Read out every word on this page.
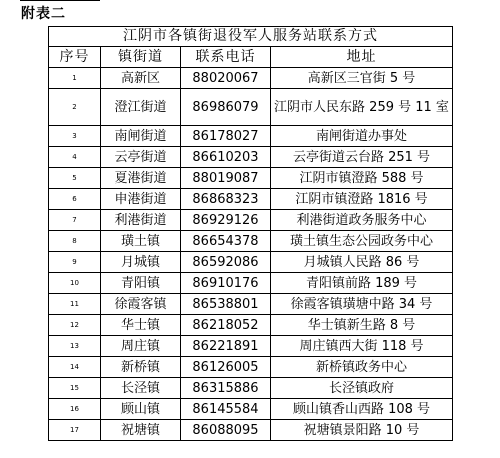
附表二
江阴市各镇街退役军人服务站联系方式			
序号	镇街道	联系电话	地址
1	高新区	88020067	高新区三官街 5 号
2	澄江街道	86986079	江阴市人民东路 259 号 11 室
3	南闸街道	86178027	南闸街道办事处
4	云亭街道	86610203	云亭街道云台路 251 号
5	夏港街道	88019087	江阴市镇澄路 588 号
6	申港街道	86868323	江阴市镇澄路 1816 号
7	利港街道	86929126	利港街道政务服务中心
8	璜土镇	86654378	璜土镇生态公园政务中心
9	月城镇	86592086	月城镇人民路 86 号
10	青阳镇	86910176	青阳镇前路 189 号
11	徐霞客镇	86538801	徐霞客镇璜塘中路 34 号
12	华士镇	86218052	华士镇新生路 8 号
13	周庄镇	86221891	周庄镇西大街 118 号
14	新桥镇	86126005	新桥镇政务中心
15	长泾镇	86315886	长泾镇政府
16	顾山镇	86145584	顾山镇香山西路 108 号
17	祝塘镇	86088095	祝塘镇景阳路 10 号
